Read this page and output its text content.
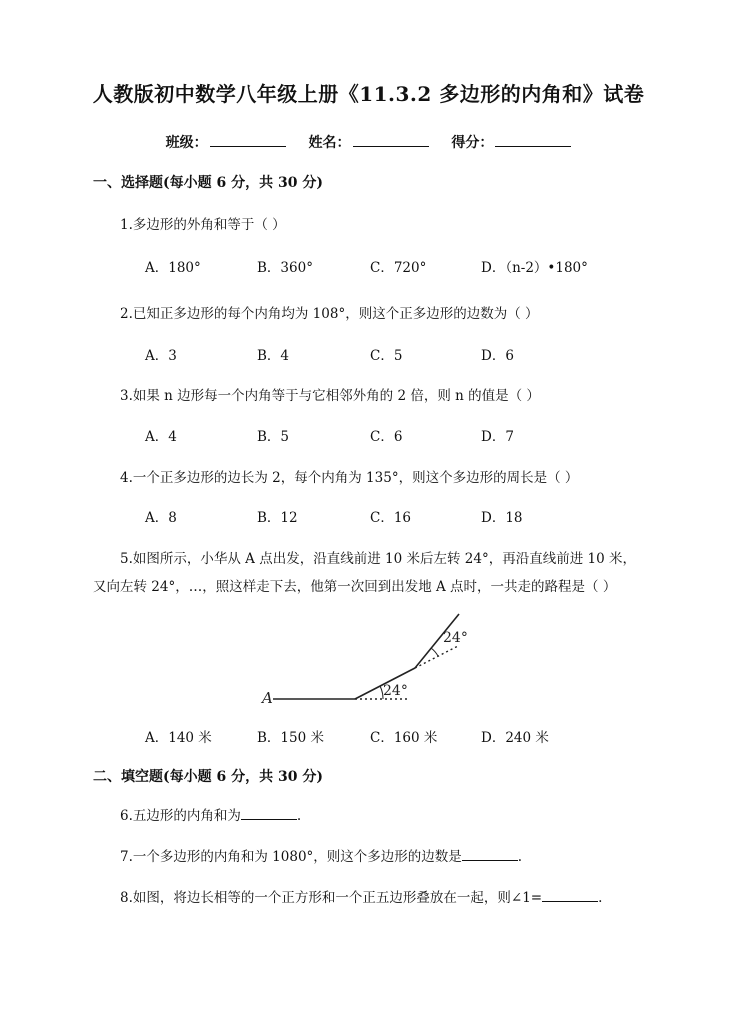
人教版初中数学八年级上册《11.3.2 多边形的内角和》试卷
班级：	姓名：	得分：
一、选择题(每小题 6 分，共 30 分)
1.多边形的外角和等于（ ）
A．180°	B．360°	C．720°	D．（n-2）•180°
2.已知正多边形的每个内角均为 108°，则这个正多边形的边数为（ ）
A．3	B．4	C．5	D．6
3.如果 n 边形每一个内角等于与它相邻外角的 2 倍，则 n 的值是（ ）
A．4	B．5	C．6	D．7
4.一个正多边形的边长为 2，每个内角为 135°，则这个多边形的周长是（ ）
A．8	B．12	C．16	D．18
5.如图所示，小华从 A 点出发，沿直线前进 10 米后左转 24°，再沿直线前进 10 米，
又向左转 24°，…，照这样走下去，他第一次回到出发地 A 点时，一共走的路程是（ ）
A	24°
24°
A．140 米	B．150 米	C．160 米	D．240 米
二、填空题(每小题 6 分，共 30 分)
6.五边形的内角和为	.
7.一个多边形的内角和为 1080°，则这个多边形的边数是	.
8.如图，将边长相等的一个正方形和一个正五边形叠放在一起，则∠1=	.
